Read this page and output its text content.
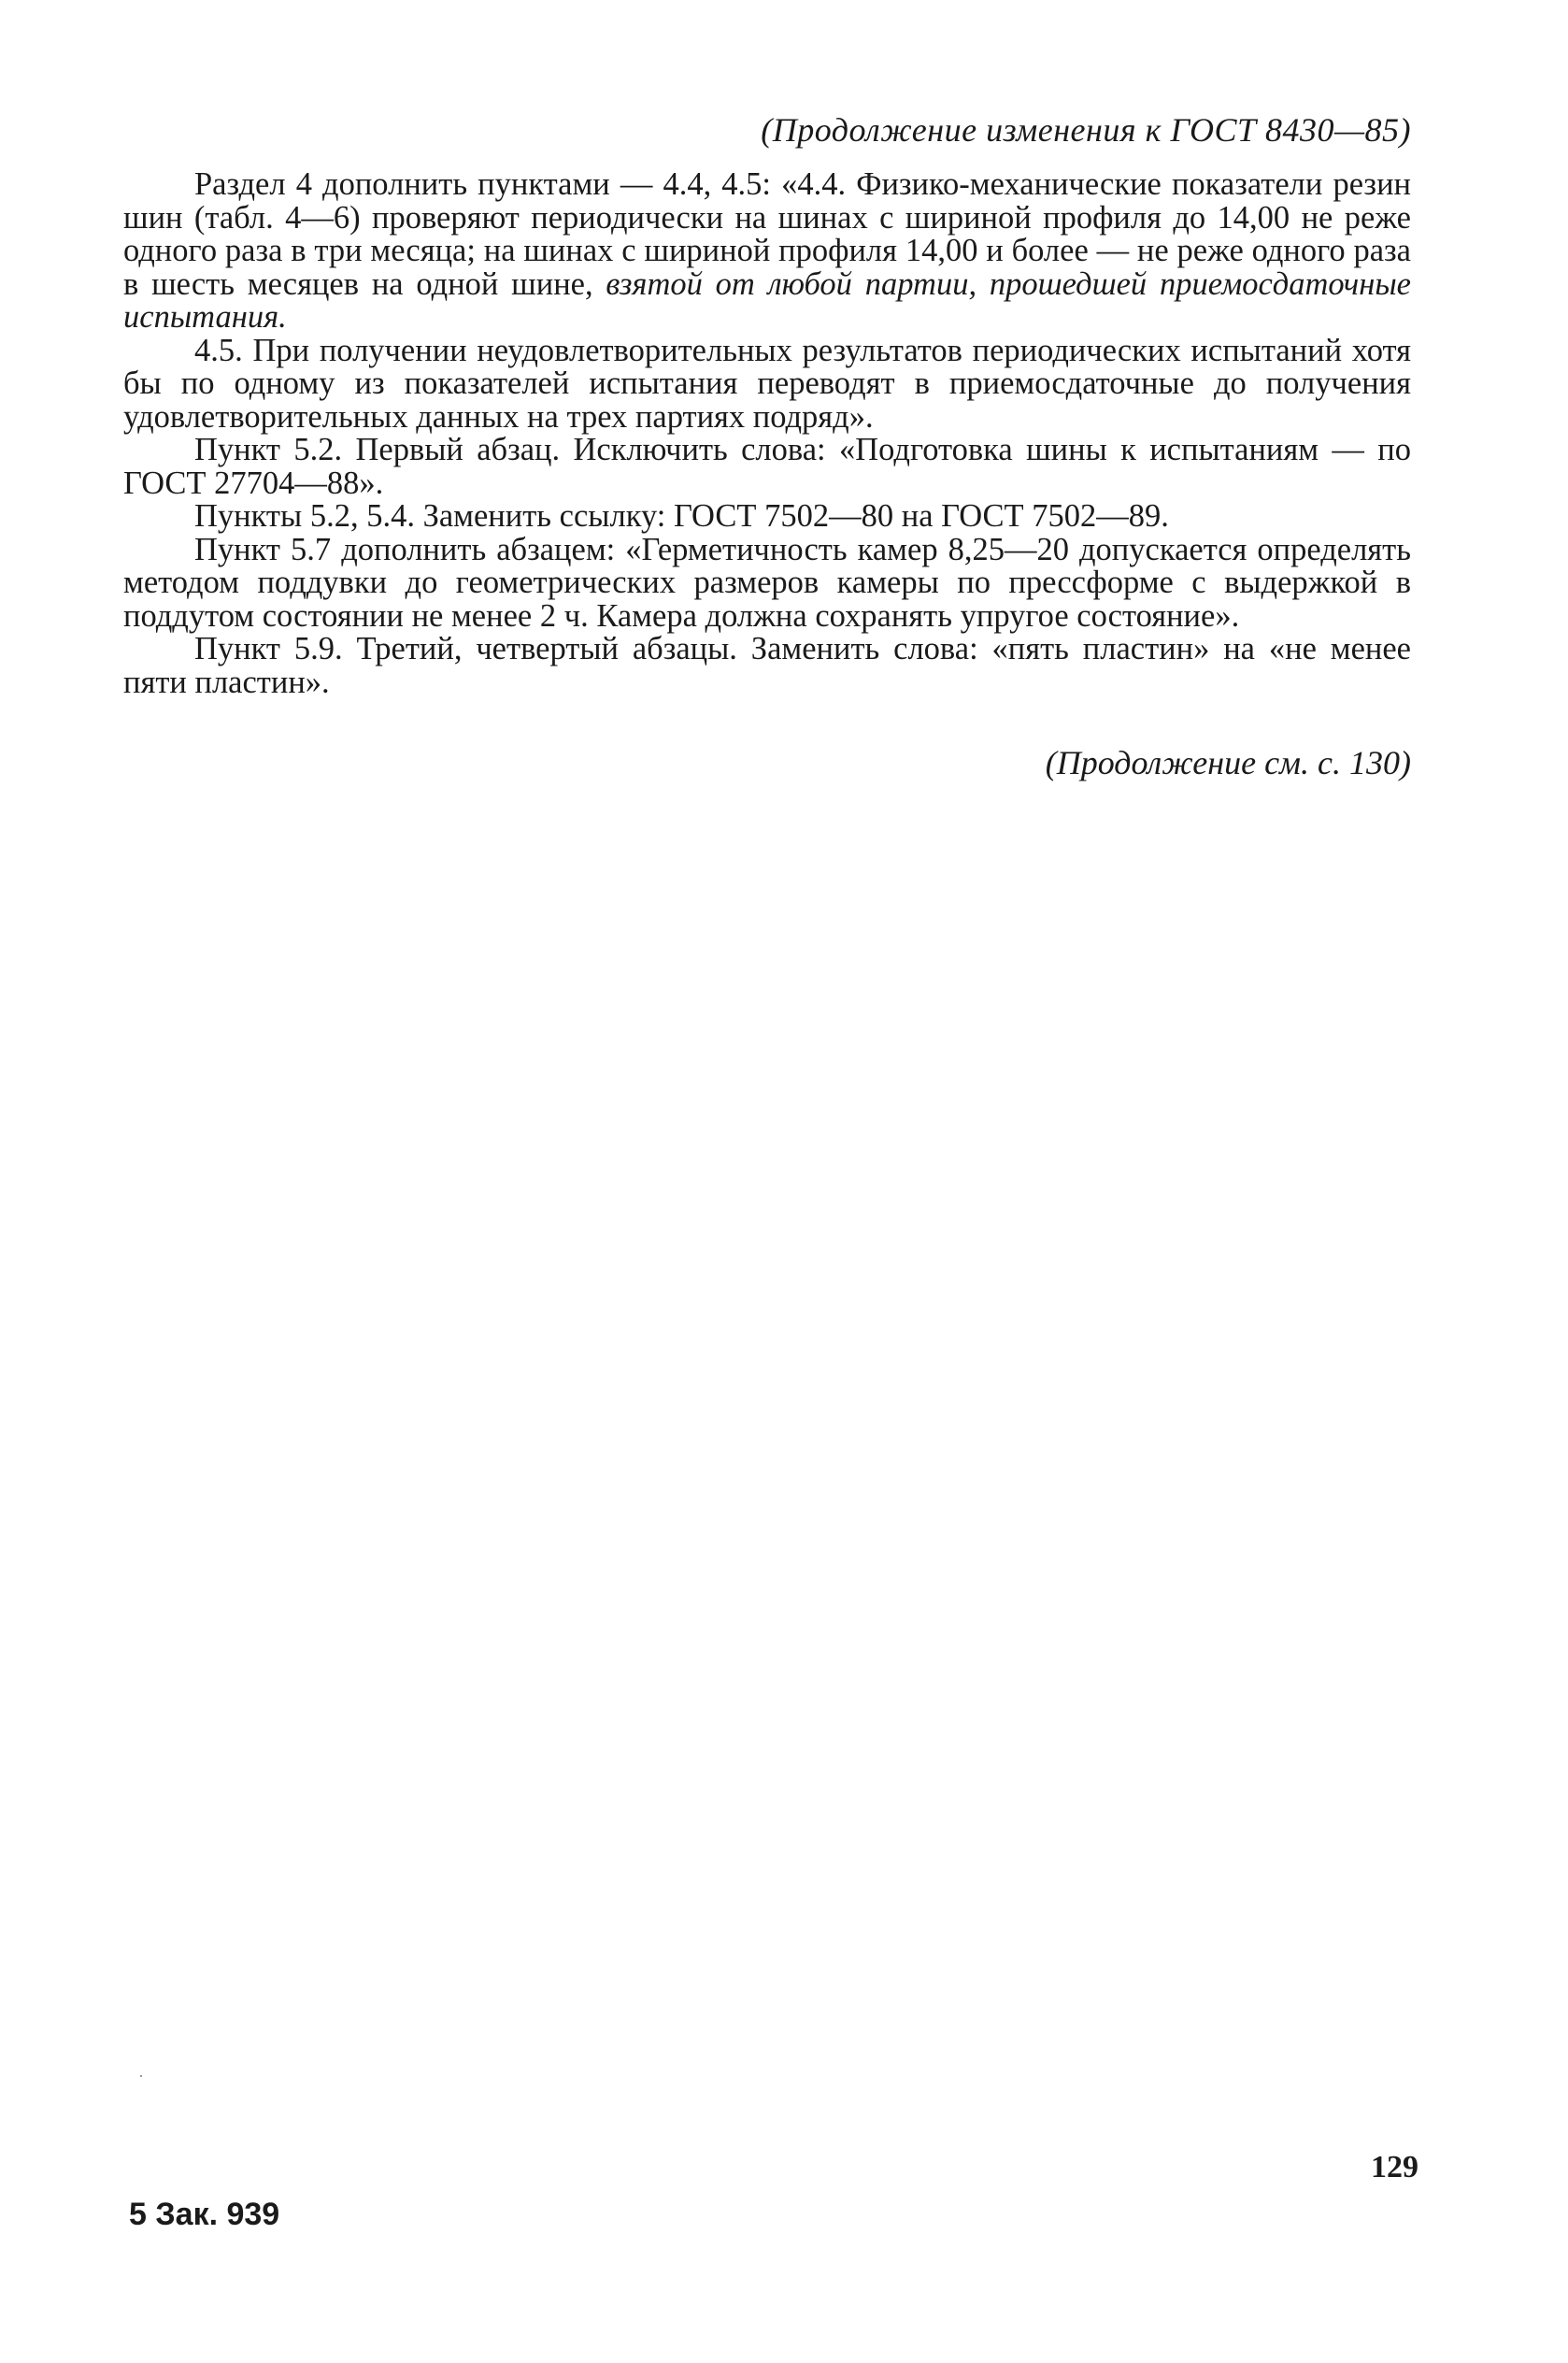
(Продолжение изменения к ГОСТ 8430—85)

Раздел 4 дополнить пунктами — 4.4, 4.5: «4.4. Физико-механические показатели резин шин (табл. 4—6) проверяют периодически на шинах с шириной профиля до 14,00 не реже одного раза в три месяца; на шинах с шириной профиля 14,00 и более — не реже одного раза в шесть месяцев на одной шине, взятой от любой партии, прошедшей приемосдаточные испытания.

4.5. При получении неудовлетворительных результатов периодических испытаний хотя бы по одному из показателей испытания переводят в приемосдаточные до получения удовлетворительных данных на трех партиях подряд».

Пункт 5.2. Первый абзац. Исключить слова: «Подготовка шины к испытаниям — по ГОСТ 27704—88».

Пункты 5.2, 5.4. Заменить ссылку: ГОСТ 7502—80 на ГОСТ 7502—89.

Пункт 5.7 дополнить абзацем: «Герметичность камер 8,25—20 допускается определять методом поддувки до геометрических размеров камеры по прессформе с выдержкой в поддутом состоянии не менее 2 ч. Камера должна сохранять упругое состояние».

Пункт 5.9. Третий, четвертый абзацы. Заменить слова: «пять пластин» на «не менее пяти пластин».

(Продолжение см. с. 130)
129
5 Зак. 939
